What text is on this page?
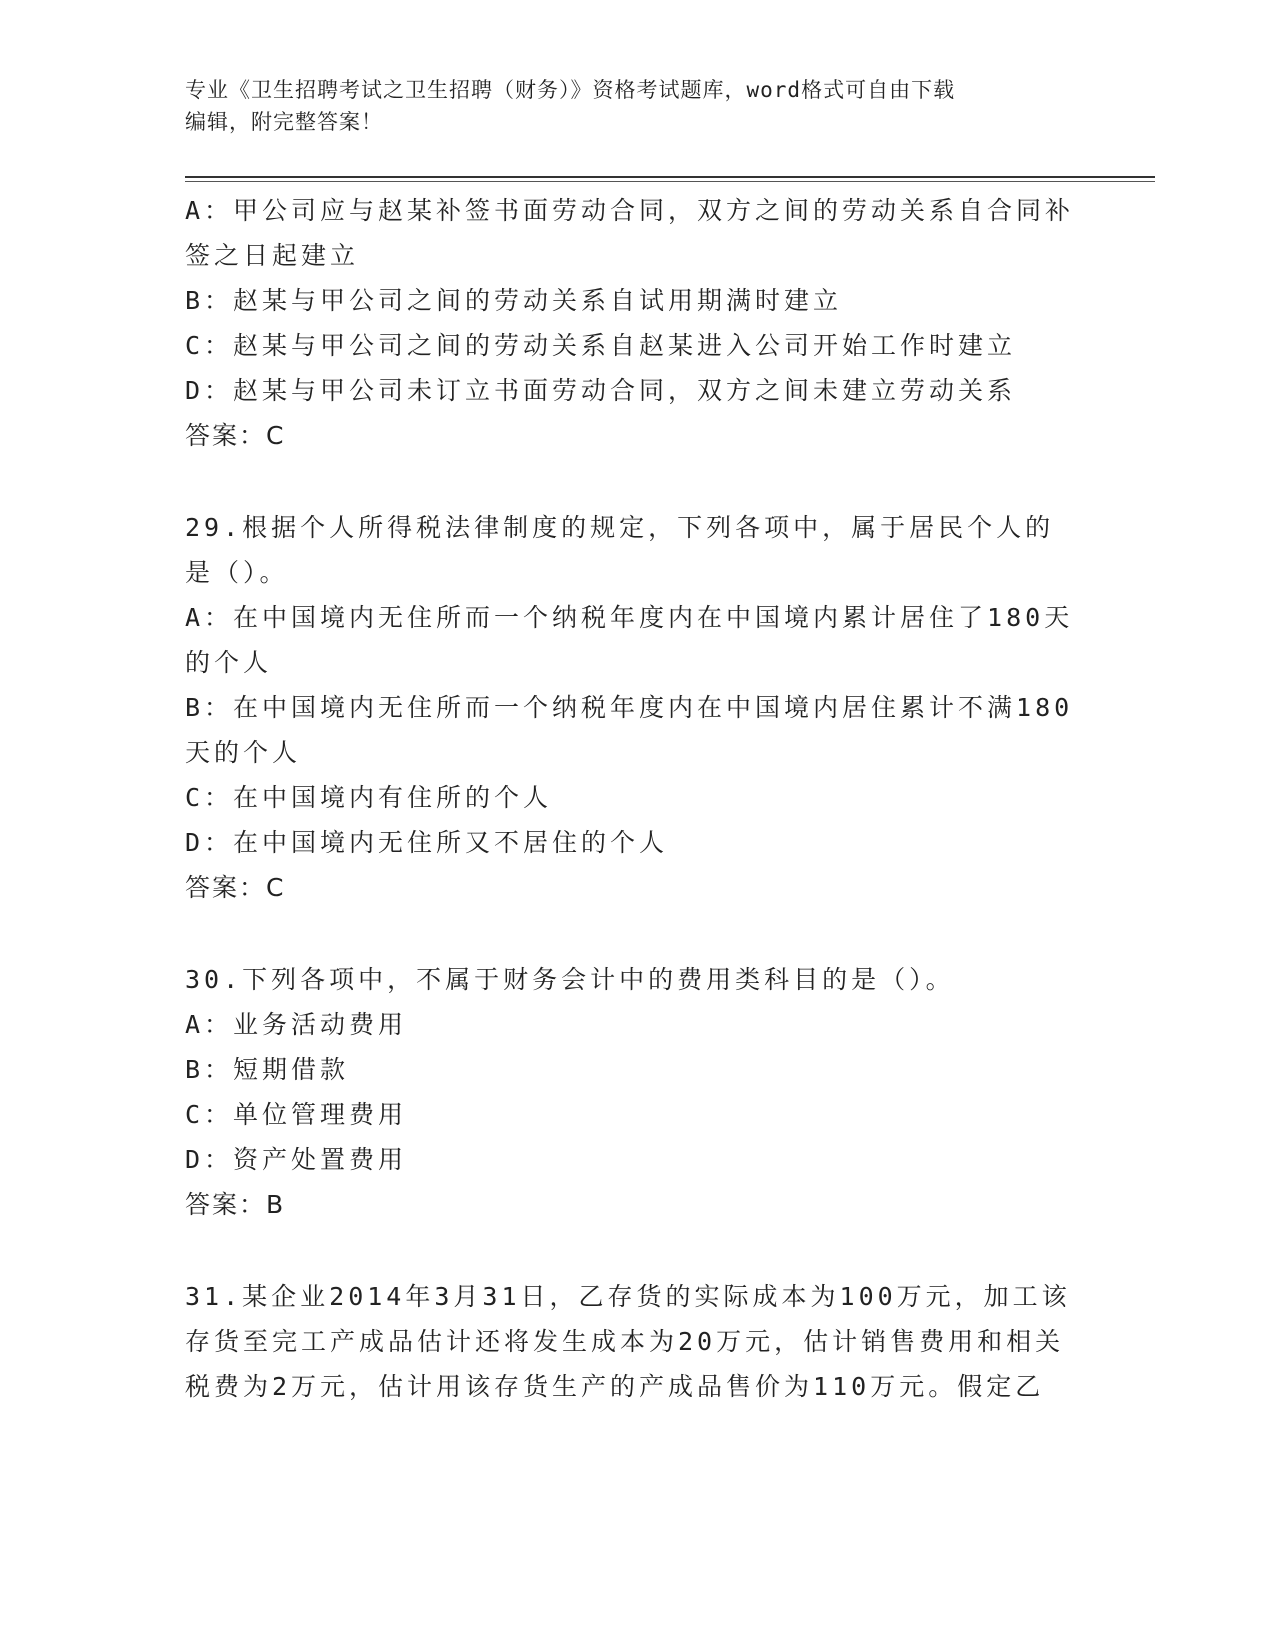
专业《卫生招聘考试之卫生招聘（财务）》资格考试题库，word格式可自由下载
编辑，附完整答案！

A：甲公司应与赵某补签书面劳动合同，双方之间的劳动关系自合同补签之日起建立

B：赵某与甲公司之间的劳动关系自试用期满时建立

C：赵某与甲公司之间的劳动关系自赵某进入公司开始工作时建立

D：赵某与甲公司未订立书面劳动合同，双方之间未建立劳动关系

答案：C

29.根据个人所得税法律制度的规定，下列各项中，属于居民个人的是（）。

A：在中国境内无住所而一个纳税年度内在中国境内累计居住了180天的个人

B：在中国境内无住所而一个纳税年度内在中国境内居住累计不满180天的个人

C：在中国境内有住所的个人

D：在中国境内无住所又不居住的个人

答案：C

30.下列各项中，不属于财务会计中的费用类科目的是（）。

A：业务活动费用

B：短期借款

C：单位管理费用

D：资产处置费用

答案：B

31.某企业2014年3月31日，乙存货的实际成本为100万元，加工该存货至完工产成品估计还将发生成本为20万元，估计销售费用和相关税费为2万元，估计用该存货生产的产成品售价为110万元。假定乙
